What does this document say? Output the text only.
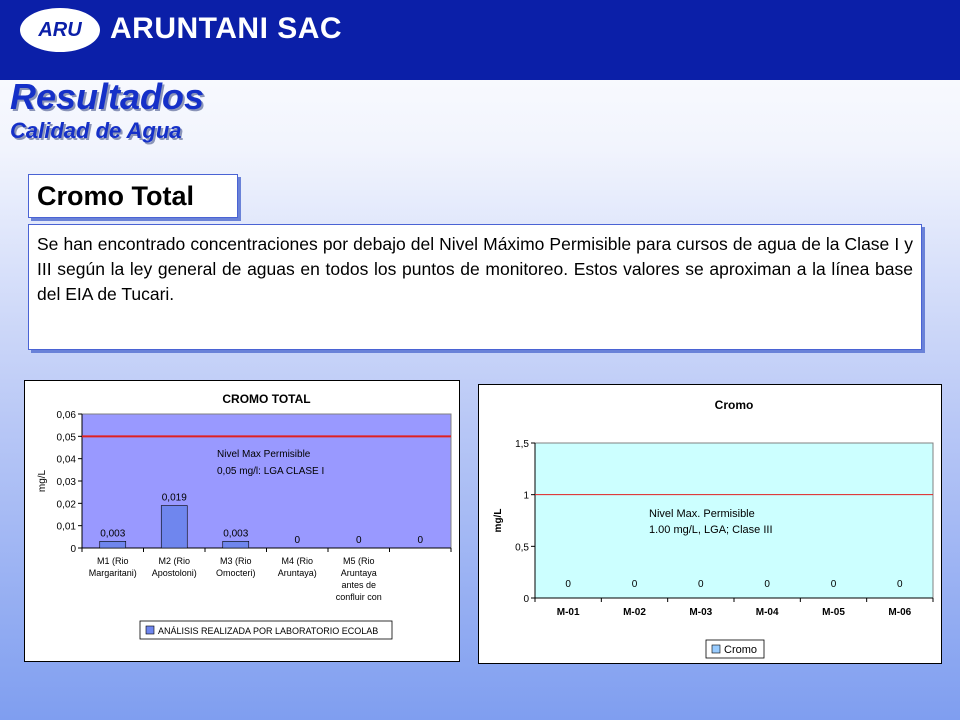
ARU ARUNTANI SAC
Resultados
Calidad de Agua
Cromo Total
Se han encontrado concentraciones por debajo del Nivel Máximo Permisible para cursos de agua de la Clase I y III según la ley general de aguas en todos los puntos de monitoreo. Estos valores se aproximan a la línea base del EIA de Tucari.
CROMO TOTAL
0
0,01
0,02
0,03
0,04
0,05
0,06
mg/L
0,003
0,019
0,003
0	0	0
M1 (Rio
Margaritani)
M2 (Rio
Apostoloni)
M3 (Rio
Omocteri)
M4 (Rio
Aruntaya)
M5 (Rio
Aruntaya
antes de
confluir con
Nivel Max Permisible
0,05 mg/l: LGA CLASE I
ANÁLISIS REALIZADA POR LABORATORIO ECOLAB
Cromo
0
0,5
1
1,5
mg/L
0	0	0	0	0	0
M-01	M-02	M-03	M-04	M-05	M-06
Nivel Max. Permisible
1.00 mg/L, LGA; Clase III
Cromo
